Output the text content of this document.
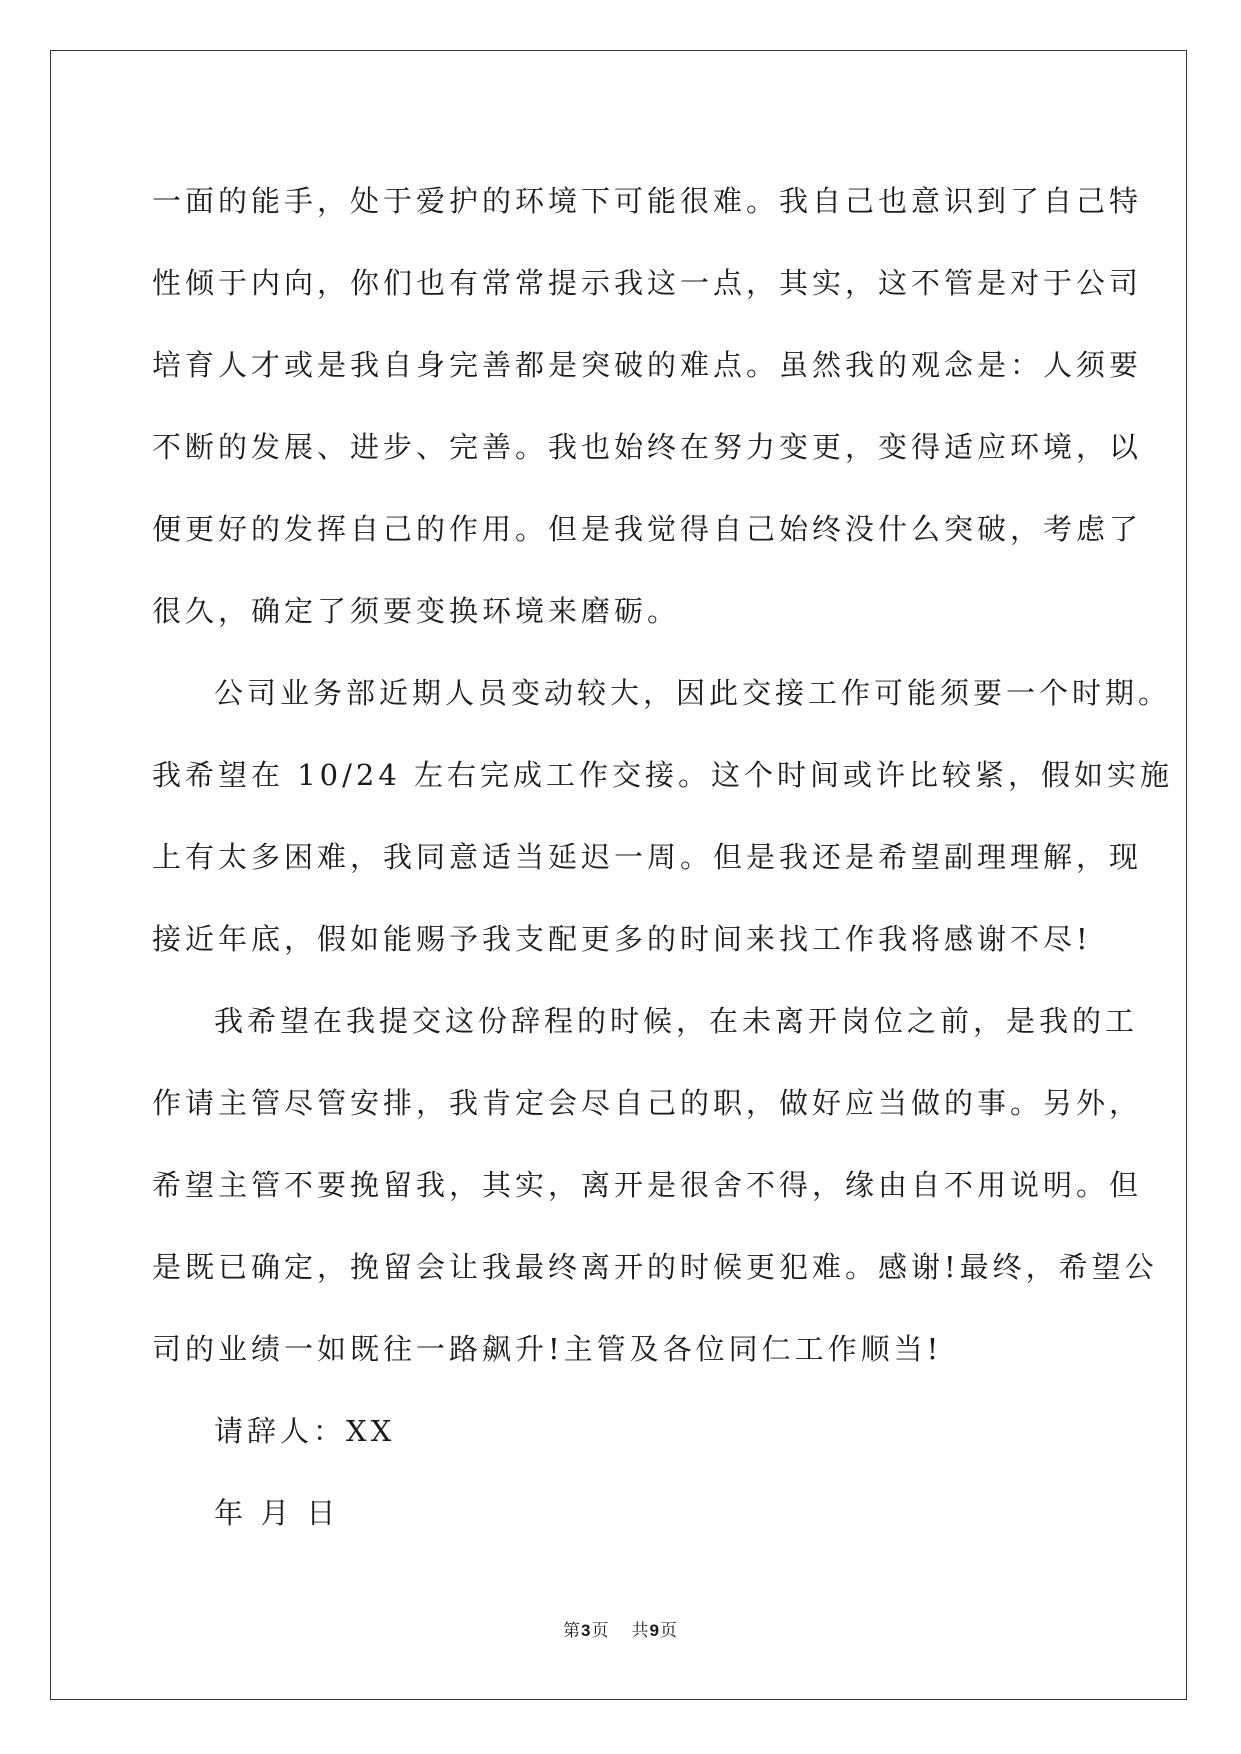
一面的能手，处于爱护的环境下可能很难。我自己也意识到了自己特
性倾于内向，你们也有常常提示我这一点，其实，这不管是对于公司
培育人才或是我自身完善都是突破的难点。虽然我的观念是：人须要
不断的发展、进步、完善。我也始终在努力变更，变得适应环境，以
便更好的发挥自己的作用。但是我觉得自己始终没什么突破，考虑了
很久，确定了须要变换环境来磨砺。
公司业务部近期人员变动较大，因此交接工作可能须要一个时期。
我希望在 10/24 左右完成工作交接。这个时间或许比较紧，假如实施
上有太多困难，我同意适当延迟一周。但是我还是希望副理理解，现
接近年底，假如能赐予我支配更多的时间来找工作我将感谢不尽!
我希望在我提交这份辞程的时候，在未离开岗位之前，是我的工
作请主管尽管安排，我肯定会尽自己的职，做好应当做的事。另外，
希望主管不要挽留我，其实，离开是很舍不得，缘由自不用说明。但
是既已确定，挽留会让我最终离开的时候更犯难。感谢!最终，希望公
司的业绩一如既往一路飙升!主管及各位同仁工作顺当!
请辞人：XX
年 月 日
第3页 共9页
